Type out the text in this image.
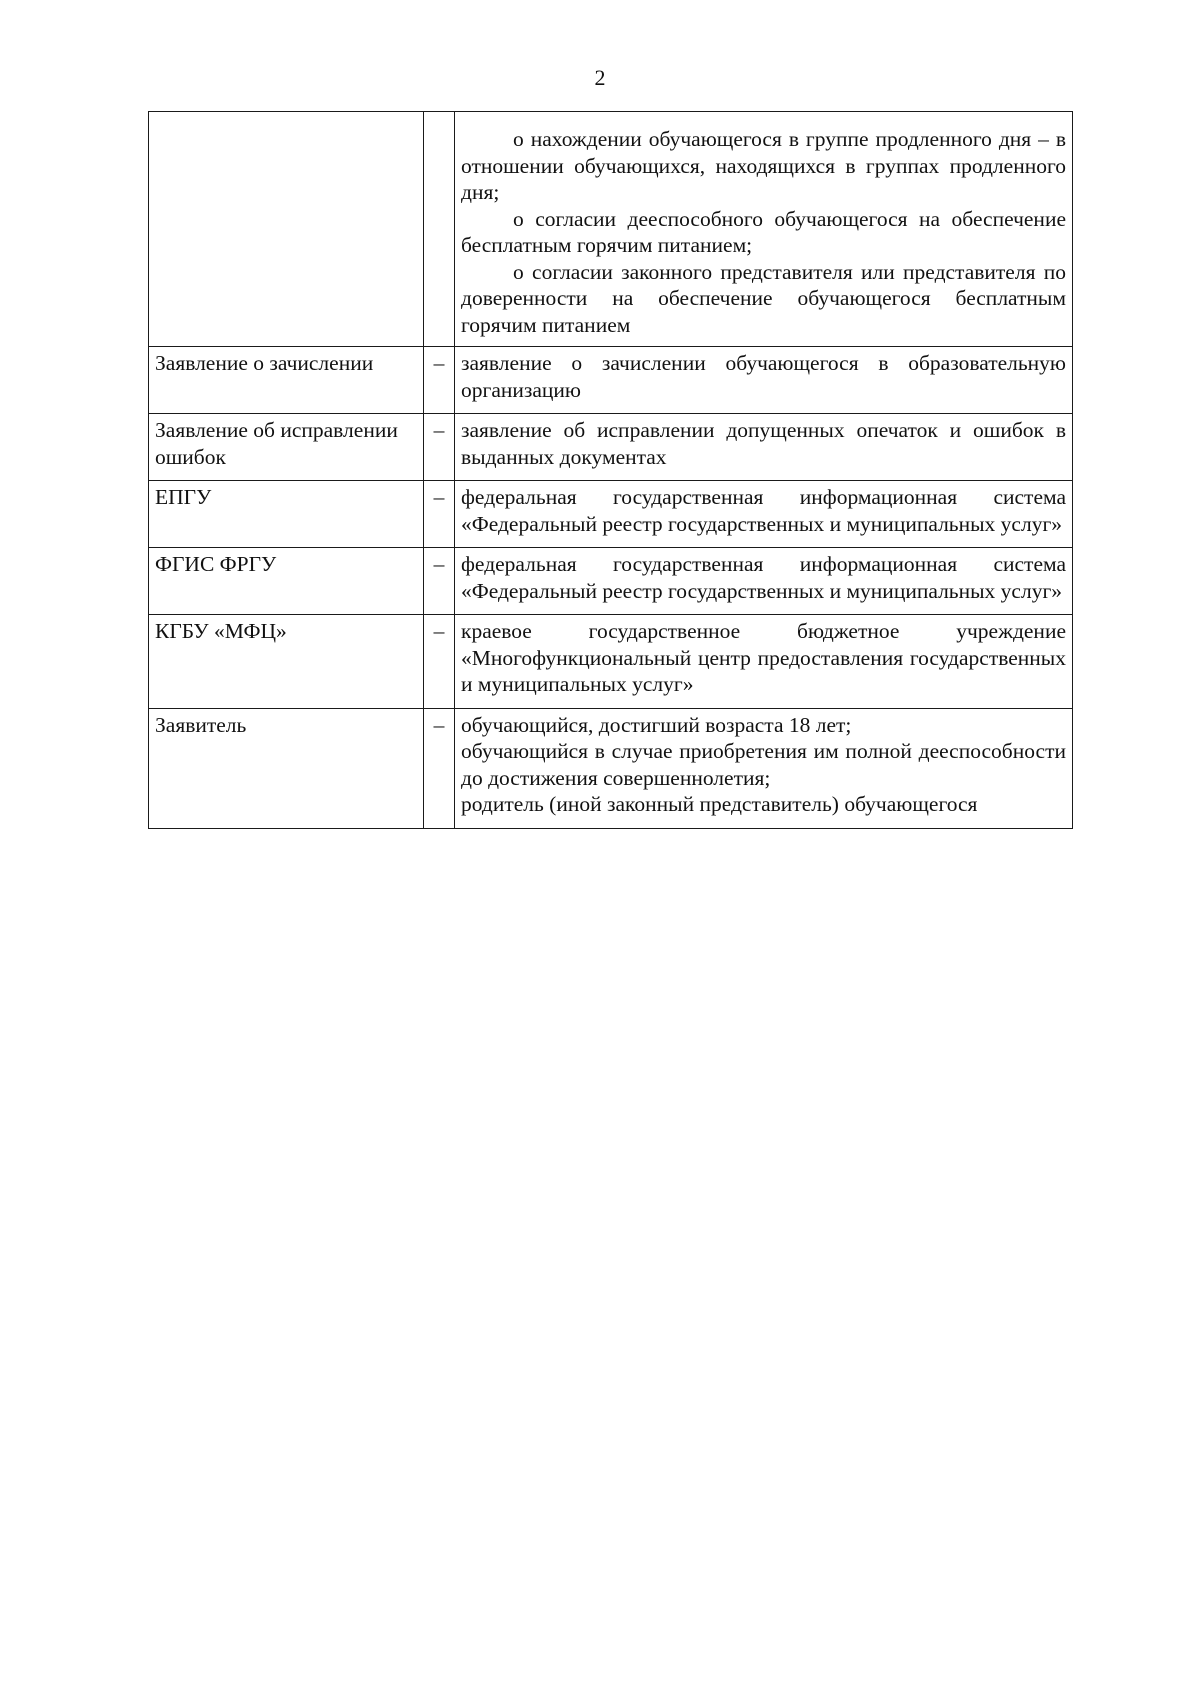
2

		о нахождении обучающегося в группе продленного дня – в отношении обучающихся, находящихся в группах продленного дня;

о согласии дееспособного обучающегося на обеспечение бесплатным горячим питанием;

о согласии законного представителя или представителя по доверенности на обеспечение обучающегося бесплатным горячим питанием

Заявление о зачислении	–	заявление о зачислении обучающегося в образовательную организацию

Заявление об исправлении ошибок	–	заявление об исправлении допущенных опечаток и ошибок в выданных документах

ЕПГУ	–	федеральная государственная информационная система «Федеральный реестр государственных и муниципальных услуг»

ФГИС ФРГУ	–	федеральная государственная информационная система «Федеральный реестр государственных и муниципальных услуг»

КГБУ «МФЦ»	–	краевое государственное бюджетное учреждение «Многофункциональный центр предоставления государственных и муниципальных услуг»

Заявитель	–	обучающийся, достигший возраста 18 лет;

обучающийся в случае приобретения им полной дееспособности до достижения совершеннолетия;

родитель (иной законный представитель) обучающегося
